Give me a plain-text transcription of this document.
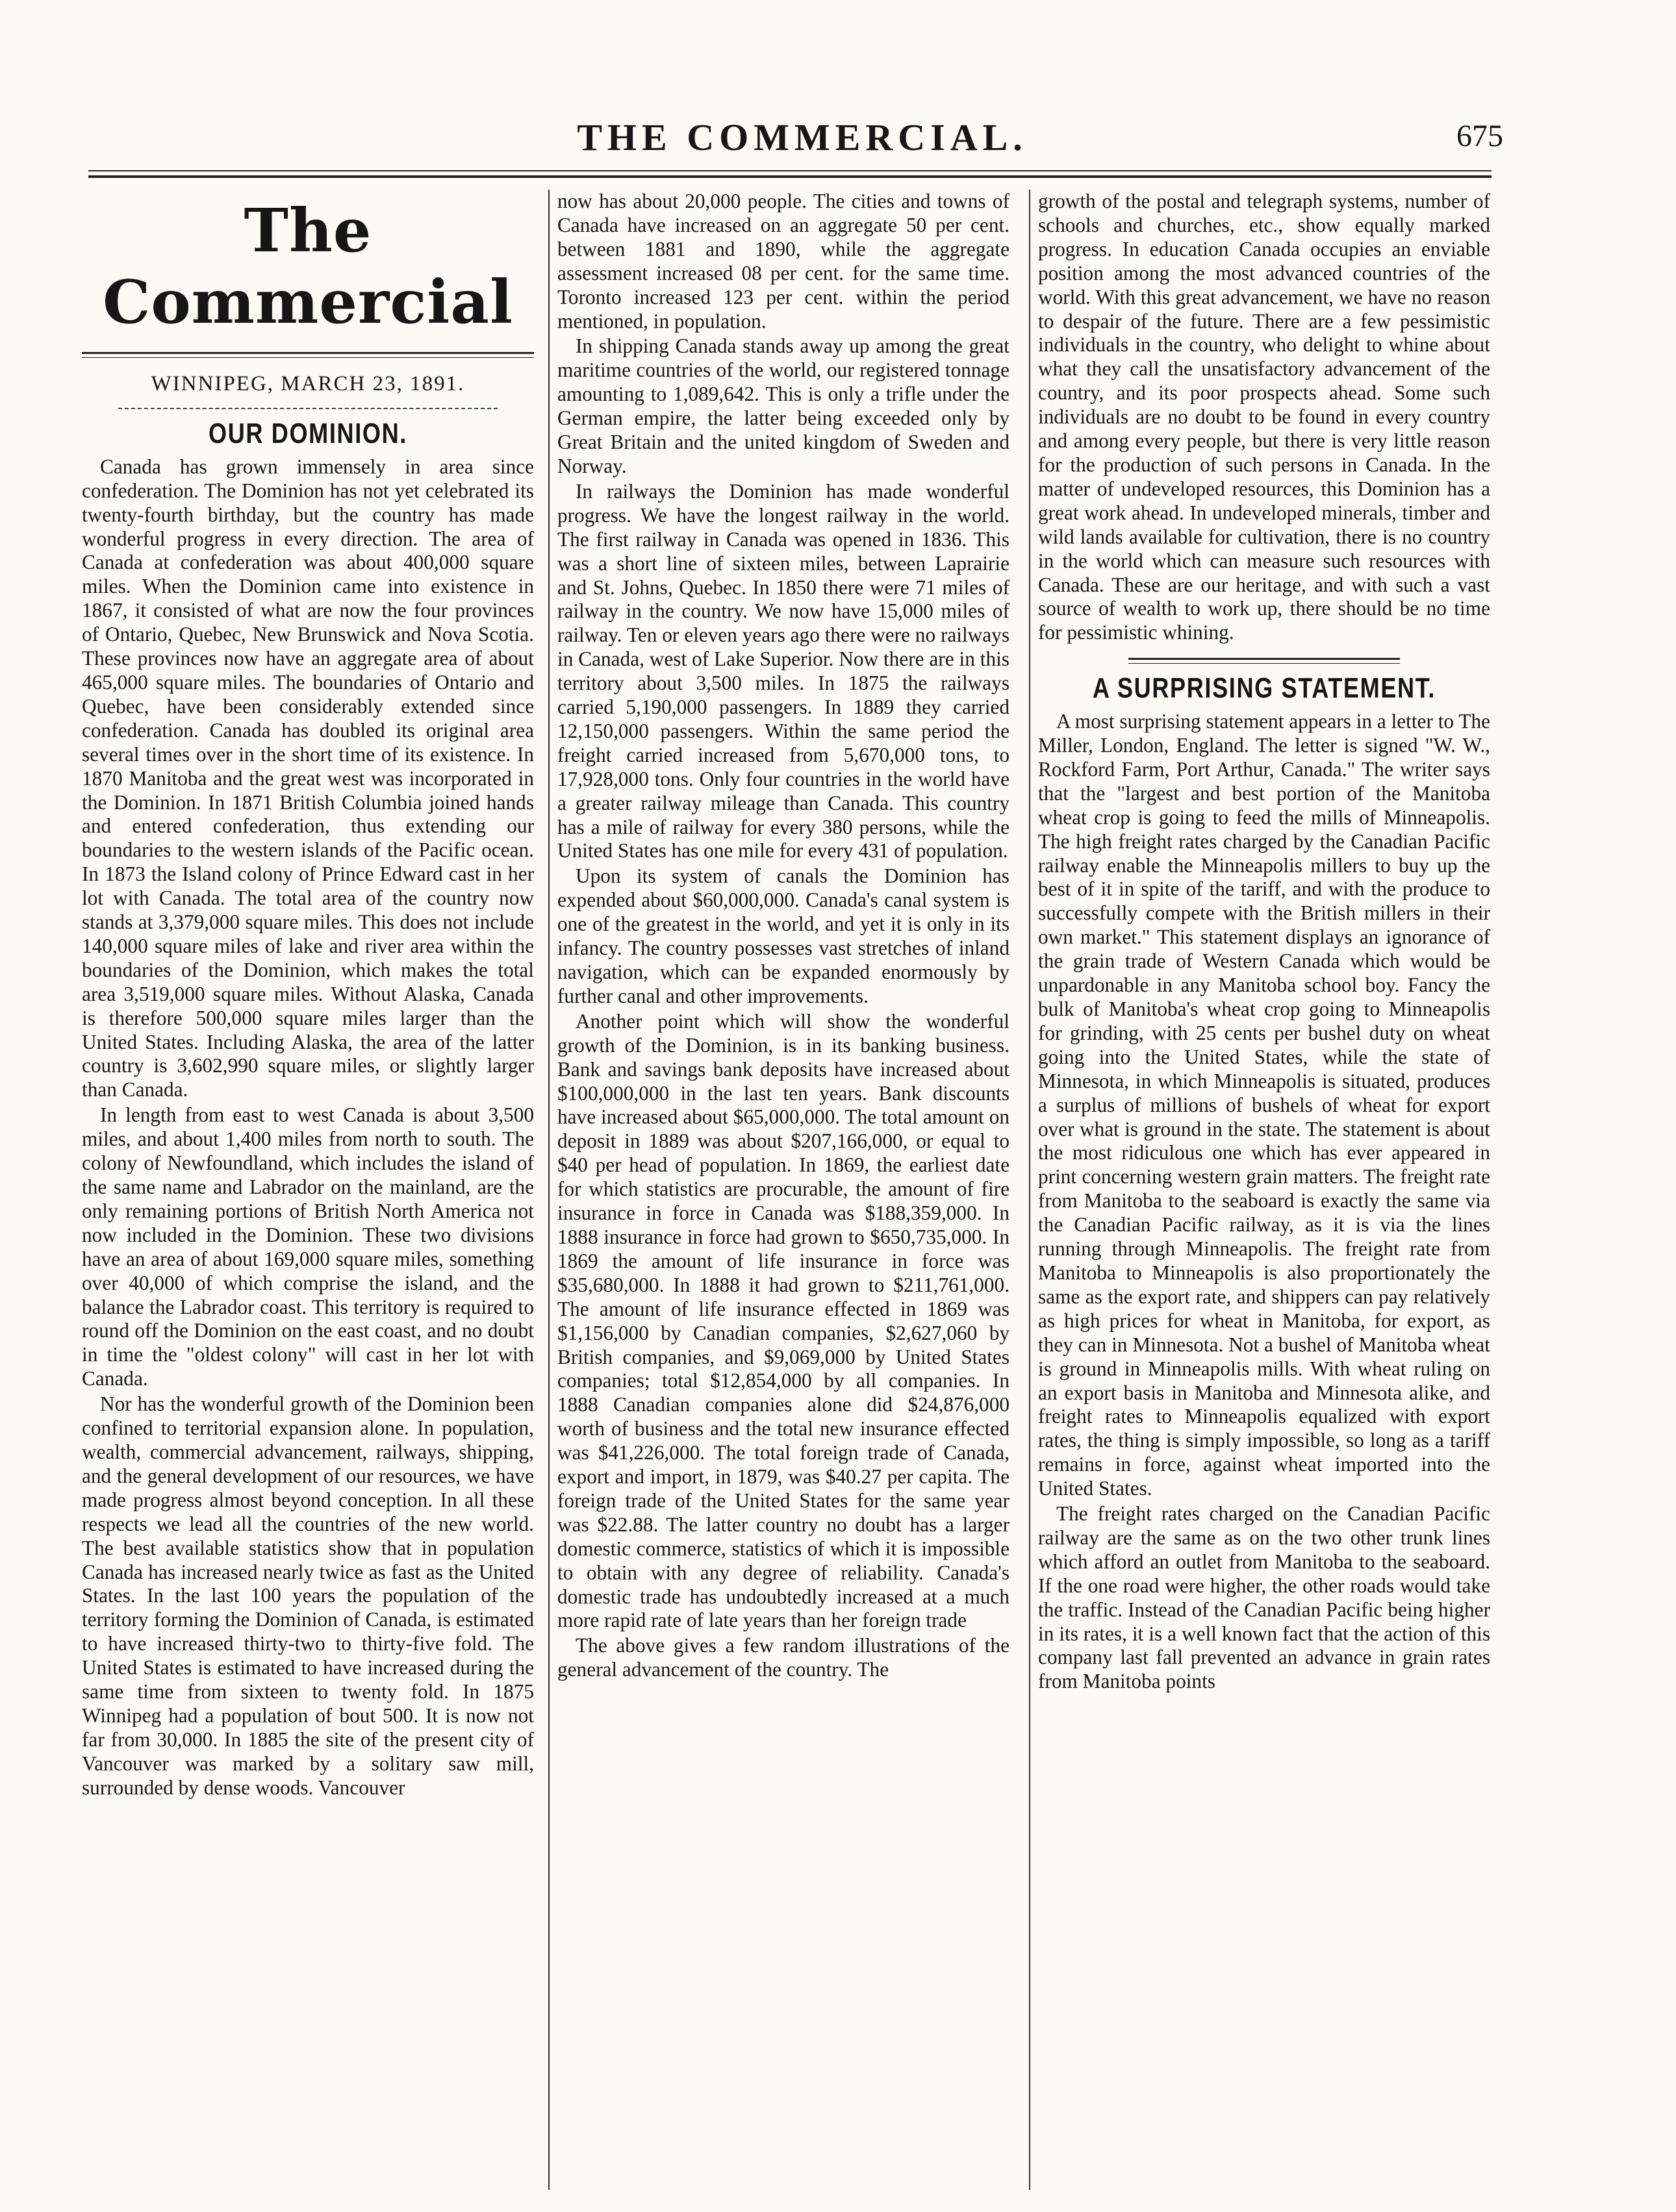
THE COMMERCIAL.	675
The Commercial
WINNIPEG, MARCH 23, 1891.
OUR DOMINION.

Canada has grown immensely in area since confederation. The Dominion has not yet celebrated its twenty-fourth birthday, but the country has made wonderful progress in every direction. The area of Canada at confederation was about 400,000 square miles. When the Dominion came into existence in 1867, it consisted of what are now the four provinces of Ontario, Quebec, New Brunswick and Nova Scotia. These provinces now have an aggregate area of about 465,000 square miles. The boundaries of Ontario and Quebec, have been considerably extended since confederation. Canada has doubled its original area several times over in the short time of its existence. In 1870 Manitoba and the great west was incorporated in the Dominion. In 1871 British Columbia joined hands and entered confederation, thus extending our boundaries to the western islands of the Pacific ocean. In 1873 the Island colony of Prince Edward cast in her lot with Canada. The total area of the country now stands at 3,379,000 square miles. This does not include 140,000 square miles of lake and river area within the boundaries of the Dominion, which makes the total area 3,519,000 square miles. Without Alaska, Canada is therefore 500,000 square miles larger than the United States. Including Alaska, the area of the latter country is 3,602,990 square miles, or slightly larger than Canada.

In length from east to west Canada is about 3,500 miles, and about 1,400 miles from north to south. The colony of Newfoundland, which includes the island of the same name and Labrador on the mainland, are the only remaining portions of British North America not now included in the Dominion. These two divisions have an area of about 169,000 square miles, something over 40,000 of which comprise the island, and the balance the Labrador coast. This territory is required to round off the Dominion on the east coast, and no doubt in time the "oldest colony" will cast in her lot with Canada.

Nor has the wonderful growth of the Dominion been confined to territorial expansion alone. In population, wealth, commercial advancement, railways, shipping, and the general development of our resources, we have made progress almost beyond conception. In all these respects we lead all the countries of the new world. The best available statistics show that in population Canada has increased nearly twice as fast as the United States. In the last 100 years the population of the territory forming the Dominion of Canada, is estimated to have increased thirty-two to thirty-five fold. The United States is estimated to have increased during the same time from sixteen to twenty fold. In 1875 Winnipeg had a population of bout 500. It is now not far from 30,000. In 1885 the site of the present city of Vancouver was marked by a solitary saw mill, surrounded by dense woods. Vancouver

now has about 20,000 people. The cities and towns of Canada have increased on an aggregate 50 per cent. between 1881 and 1890, while the aggregate assessment increased 08 per cent. for the same time. Toronto increased 123 per cent. within the period mentioned, in population.

In shipping Canada stands away up among the great maritime countries of the world, our registered tonnage amounting to 1,089,642. This is only a trifle under the German empire, the latter being exceeded only by Great Britain and the united kingdom of Sweden and Norway.

In railways the Dominion has made wonderful progress. We have the longest railway in the world. The first railway in Canada was opened in 1836. This was a short line of sixteen miles, between Laprairie and St. Johns, Quebec. In 1850 there were 71 miles of railway in the country. We now have 15,000 miles of railway. Ten or eleven years ago there were no railways in Canada, west of Lake Superior. Now there are in this territory about 3,500 miles. In 1875 the railways carried 5,190,000 passengers. In 1889 they carried 12,150,000 passengers. Within the same period the freight carried increased from 5,670,000 tons, to 17,928,000 tons. Only four countries in the world have a greater railway mileage than Canada. This country has a mile of railway for every 380 persons, while the United States has one mile for every 431 of population.

Upon its system of canals the Dominion has expended about $60,000,000. Canada's canal system is one of the greatest in the world, and yet it is only in its infancy. The country possesses vast stretches of inland navigation, which can be expanded enormously by further canal and other improvements.

Another point which will show the wonderful growth of the Dominion, is in its banking business. Bank and savings bank deposits have increased about $100,000,000 in the last ten years. Bank discounts have increased about $65,000,000. The total amount on deposit in 1889 was about $207,166,000, or equal to $40 per head of population. In 1869, the earliest date for which statistics are procurable, the amount of fire insurance in force in Canada was $188,359,000. In 1888 insurance in force had grown to $650,735,000. In 1869 the amount of life insurance in force was $35,680,000. In 1888 it had grown to $211,761,000. The amount of life insurance effected in 1869 was $1,156,000 by Canadian companies, $2,627,060 by British companies, and $9,069,000 by United States companies; total $12,854,000 by all companies. In 1888 Canadian companies alone did $24,876,000 worth of business and the total new insurance effected was $41,226,000. The total foreign trade of Canada, export and import, in 1879, was $40.27 per capita. The foreign trade of the United States for the same year was $22.88. The latter country no doubt has a larger domestic commerce, statistics of which it is impossible to obtain with any degree of reliability. Canada's domestic trade has undoubtedly increased at a much more rapid rate of late years than her foreign trade

The above gives a few random illustrations of the general advancement of the country. The

growth of the postal and telegraph systems, number of schools and churches, etc., show equally marked progress. In education Canada occupies an enviable position among the most advanced countries of the world. With this great advancement, we have no reason to despair of the future. There are a few pessimistic individuals in the country, who delight to whine about what they call the unsatisfactory advancement of the country, and its poor prospects ahead. Some such individuals are no doubt to be found in every country and among every people, but there is very little reason for the production of such persons in Canada. In the matter of undeveloped resources, this Dominion has a great work ahead. In undeveloped minerals, timber and wild lands available for cultivation, there is no country in the world which can measure such resources with Canada. These are our heritage, and with such a vast source of wealth to work up, there should be no time for pessimistic whining.

A SURPRISING STATEMENT.

A most surprising statement appears in a letter to The Miller, London, England. The letter is signed "W. W., Rockford Farm, Port Arthur, Canada." The writer says that the "largest and best portion of the Manitoba wheat crop is going to feed the mills of Minneapolis. The high freight rates charged by the Canadian Pacific railway enable the Minneapolis millers to buy up the best of it in spite of the tariff, and with the produce to successfully compete with the British millers in their own market." This statement displays an ignorance of the grain trade of Western Canada which would be unpardonable in any Manitoba school boy. Fancy the bulk of Manitoba's wheat crop going to Minneapolis for grinding, with 25 cents per bushel duty on wheat going into the United States, while the state of Minnesota, in which Minneapolis is situated, produces a surplus of millions of bushels of wheat for export over what is ground in the state. The statement is about the most ridiculous one which has ever appeared in print concerning western grain matters. The freight rate from Manitoba to the seaboard is exactly the same via the Canadian Pacific railway, as it is via the lines running through Minneapolis. The freight rate from Manitoba to Minneapolis is also proportionately the same as the export rate, and shippers can pay relatively as high prices for wheat in Manitoba, for export, as they can in Minnesota. Not a bushel of Manitoba wheat is ground in Minneapolis mills. With wheat ruling on an export basis in Manitoba and Minnesota alike, and freight rates to Minneapolis equalized with export rates, the thing is simply impossible, so long as a tariff remains in force, against wheat imported into the United States.

The freight rates charged on the Canadian Pacific railway are the same as on the two other trunk lines which afford an outlet from Manitoba to the seaboard. If the one road were higher, the other roads would take the traffic. Instead of the Canadian Pacific being higher in its rates, it is a well known fact that the action of this company last fall prevented an advance in grain rates from Manitoba points
